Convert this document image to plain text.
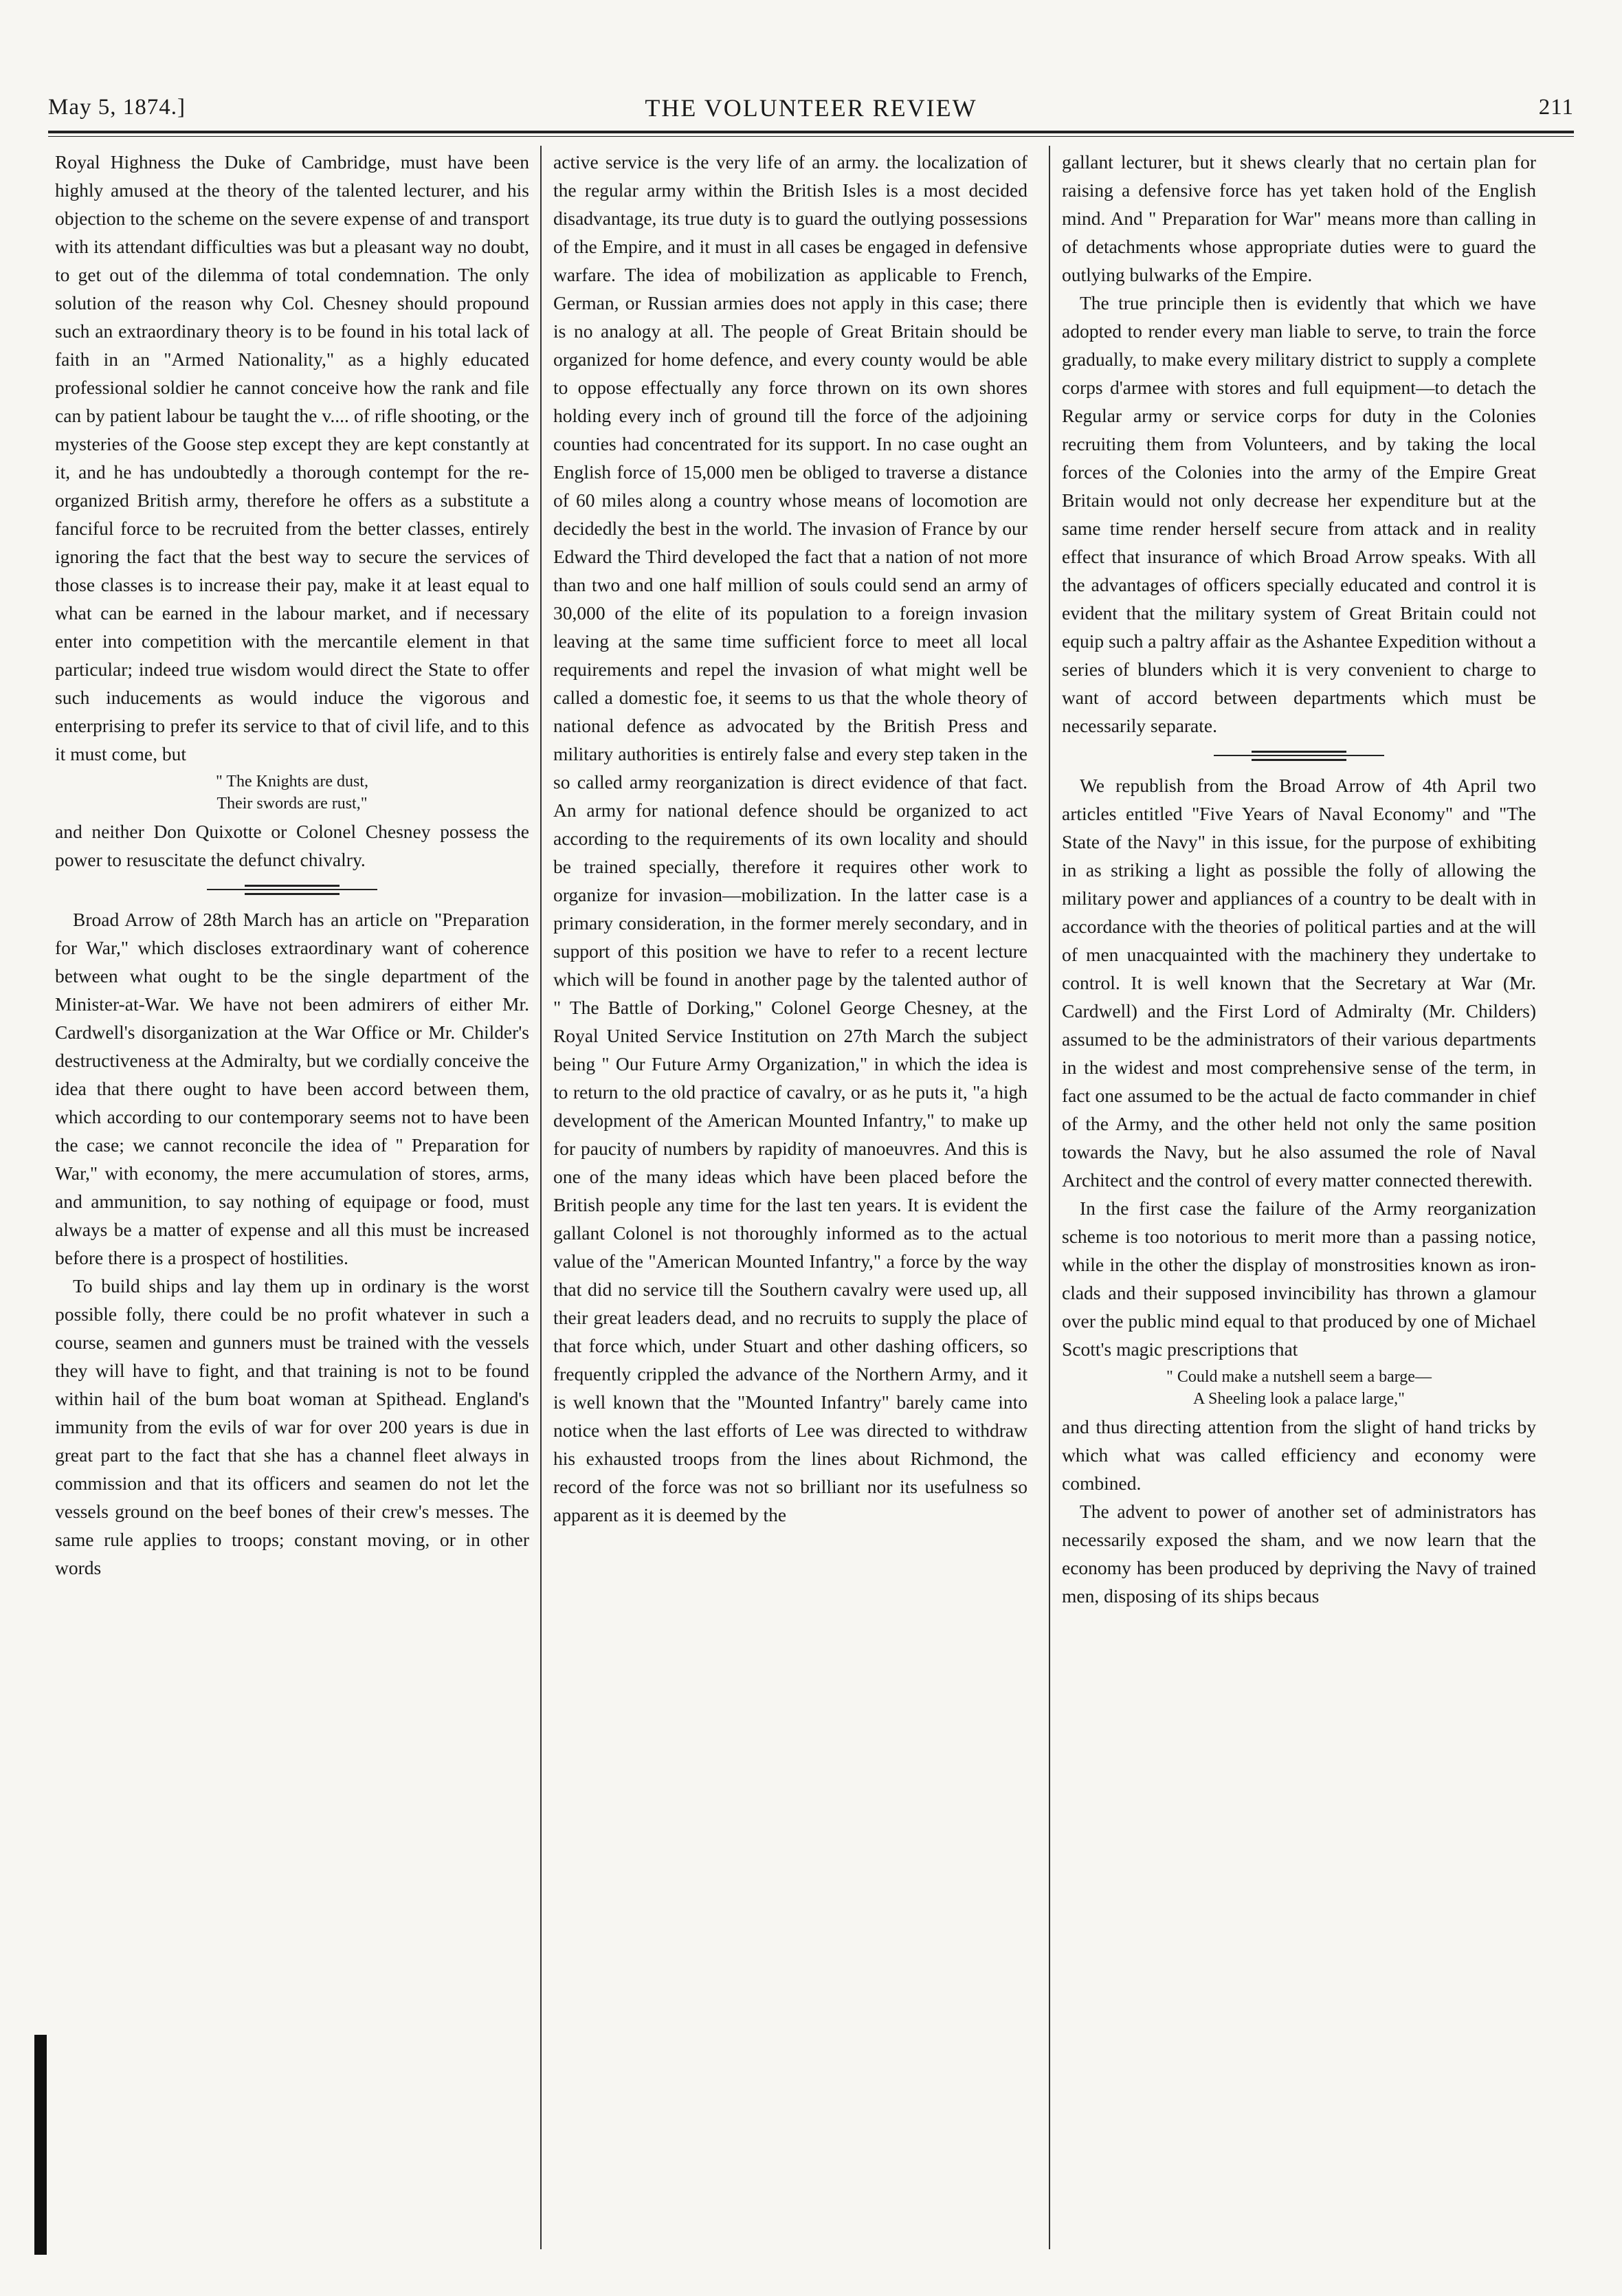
May 5, 1874.]	THE VOLUNTEER REVIEW	211

Royal Highness the Duke of Cambridge, must have been highly amused at the theory of the talented lecturer, and his objection to the scheme on the severe expense of and transport with its attendant difficulties was but a pleasant way no doubt, to get out of the dilemma of total condemnation. The only solution of the reason why Col. Chesney should propound such an extraordinary theory is to be found in his total lack of faith in an "Armed Nationality," as a highly educated professional soldier he cannot conceive how the rank and file can by patient labour be taught the v.... of rifle shooting, or the mysteries of the Goose step except they are kept constantly at it, and he has undoubtedly a thorough contempt for the re-organized British army, therefore he offers as a substitute a fanciful force to be recruited from the better classes, entirely ignoring the fact that the best way to secure the services of those classes is to increase their pay, make it at least equal to what can be earned in the labour market, and if necessary enter into competition with the mercantile element in that particular; indeed true wisdom would direct the State to offer such inducements as would induce the vigorous and enterprising to prefer its service to that of civil life, and to this it must come, but

" The Knights are dust,
Their swords are rust,"

and neither Don Quixotte or Colonel Chesney possess the power to resuscitate the defunct chivalry.

Broad Arrow of 28th March has an article on "Preparation for War," which discloses extraordinary want of coherence between what ought to be the single department of the Minister-at-War. We have not been admirers of either Mr. Cardwell's disorganization at the War Office or Mr. Childer's destructiveness at the Admiralty, but we cordially conceive the idea that there ought to have been accord between them, which according to our contemporary seems not to have been the case; we cannot reconcile the idea of " Preparation for War," with economy, the mere accumulation of stores, arms, and ammunition, to say nothing of equipage or food, must always be a matter of expense and all this must be increased before there is a prospect of hostilities.

To build ships and lay them up in ordinary is the worst possible folly, there could be no profit whatever in such a course, seamen and gunners must be trained with the vessels they will have to fight, and that training is not to be found within hail of the bum boat woman at Spithead. England's immunity from the evils of war for over 200 years is due in great part to the fact that she has a channel fleet always in commission and that its officers and seamen do not let the vessels ground on the beef bones of their crew's messes. The same rule applies to troops; constant moving, or in other words

active service is the very life of an army. the localization of the regular army within the British Isles is a most decided disadvantage, its true duty is to guard the outlying possessions of the Empire, and it must in all cases be engaged in defensive warfare. The idea of mobilization as applicable to French, German, or Russian armies does not apply in this case; there is no analogy at all. The people of Great Britain should be organized for home defence, and every county would be able to oppose effectually any force thrown on its own shores holding every inch of ground till the force of the adjoining counties had concentrated for its support. In no case ought an English force of 15,000 men be obliged to traverse a distance of 60 miles along a country whose means of locomotion are decidedly the best in the world. The invasion of France by our Edward the Third developed the fact that a nation of not more than two and one half million of souls could send an army of 30,000 of the elite of its population to a foreign invasion leaving at the same time sufficient force to meet all local requirements and repel the invasion of what might well be called a domestic foe, it seems to us that the whole theory of national defence as advocated by the British Press and military authorities is entirely false and every step taken in the so called army reorganization is direct evidence of that fact. An army for national defence should be organized to act according to the requirements of its own locality and should be trained specially, therefore it requires other work to organize for invasion—mobilization. In the latter case is a primary consideration, in the former merely secondary, and in support of this position we have to refer to a recent lecture which will be found in another page by the talented author of " The Battle of Dorking," Colonel George Chesney, at the Royal United Service Institution on 27th March the subject being " Our Future Army Organization," in which the idea is to return to the old practice of cavalry, or as he puts it, "a high development of the American Mounted Infantry," to make up for paucity of numbers by rapidity of manoeuvres. And this is one of the many ideas which have been placed before the British people any time for the last ten years. It is evident the gallant Colonel is not thoroughly informed as to the actual value of the "American Mounted Infantry," a force by the way that did no service till the Southern cavalry were used up, all their great leaders dead, and no recruits to supply the place of that force which, under Stuart and other dashing officers, so frequently crippled the advance of the Northern Army, and it is well known that the "Mounted Infantry" barely came into notice when the last efforts of Lee was directed to withdraw his exhausted troops from the lines about Richmond, the record of the force was not so brilliant nor its usefulness so apparent as it is deemed by the

gallant lecturer, but it shews clearly that no certain plan for raising a defensive force has yet taken hold of the English mind. And " Preparation for War" means more than calling in of detachments whose appropriate duties were to guard the outlying bulwarks of the Empire.

The true principle then is evidently that which we have adopted to render every man liable to serve, to train the force gradually, to make every military district to supply a complete corps d'armee with stores and full equipment—to detach the Regular army or service corps for duty in the Colonies recruiting them from Volunteers, and by taking the local forces of the Colonies into the army of the Empire Great Britain would not only decrease her expenditure but at the same time render herself secure from attack and in reality effect that insurance of which Broad Arrow speaks. With all the advantages of officers specially educated and control it is evident that the military system of Great Britain could not equip such a paltry affair as the Ashantee Expedition without a series of blunders which it is very convenient to charge to want of accord between departments which must be necessarily separate.

We republish from the Broad Arrow of 4th April two articles entitled "Five Years of Naval Economy" and "The State of the Navy" in this issue, for the purpose of exhibiting in as striking a light as possible the folly of allowing the military power and appliances of a country to be dealt with in accordance with the theories of political parties and at the will of men unacquainted with the machinery they undertake to control. It is well known that the Secretary at War (Mr. Cardwell) and the First Lord of Admiralty (Mr. Childers) assumed to be the administrators of their various departments in the widest and most comprehensive sense of the term, in fact one assumed to be the actual de facto commander in chief of the Army, and the other held not only the same position towards the Navy, but he also assumed the role of Naval Architect and the control of every matter connected therewith.

In the first case the failure of the Army reorganization scheme is too notorious to merit more than a passing notice, while in the other the display of monstrosities known as iron-clads and their supposed invincibility has thrown a glamour over the public mind equal to that produced by one of Michael Scott's magic prescriptions that

" Could make a nutshell seem a barge—
A Sheeling look a palace large,"

and thus directing attention from the slight of hand tricks by which what was called efficiency and economy were combined.

The advent to power of another set of administrators has necessarily exposed the sham, and we now learn that the economy has been produced by depriving the Navy of trained men, disposing of its ships becaus
